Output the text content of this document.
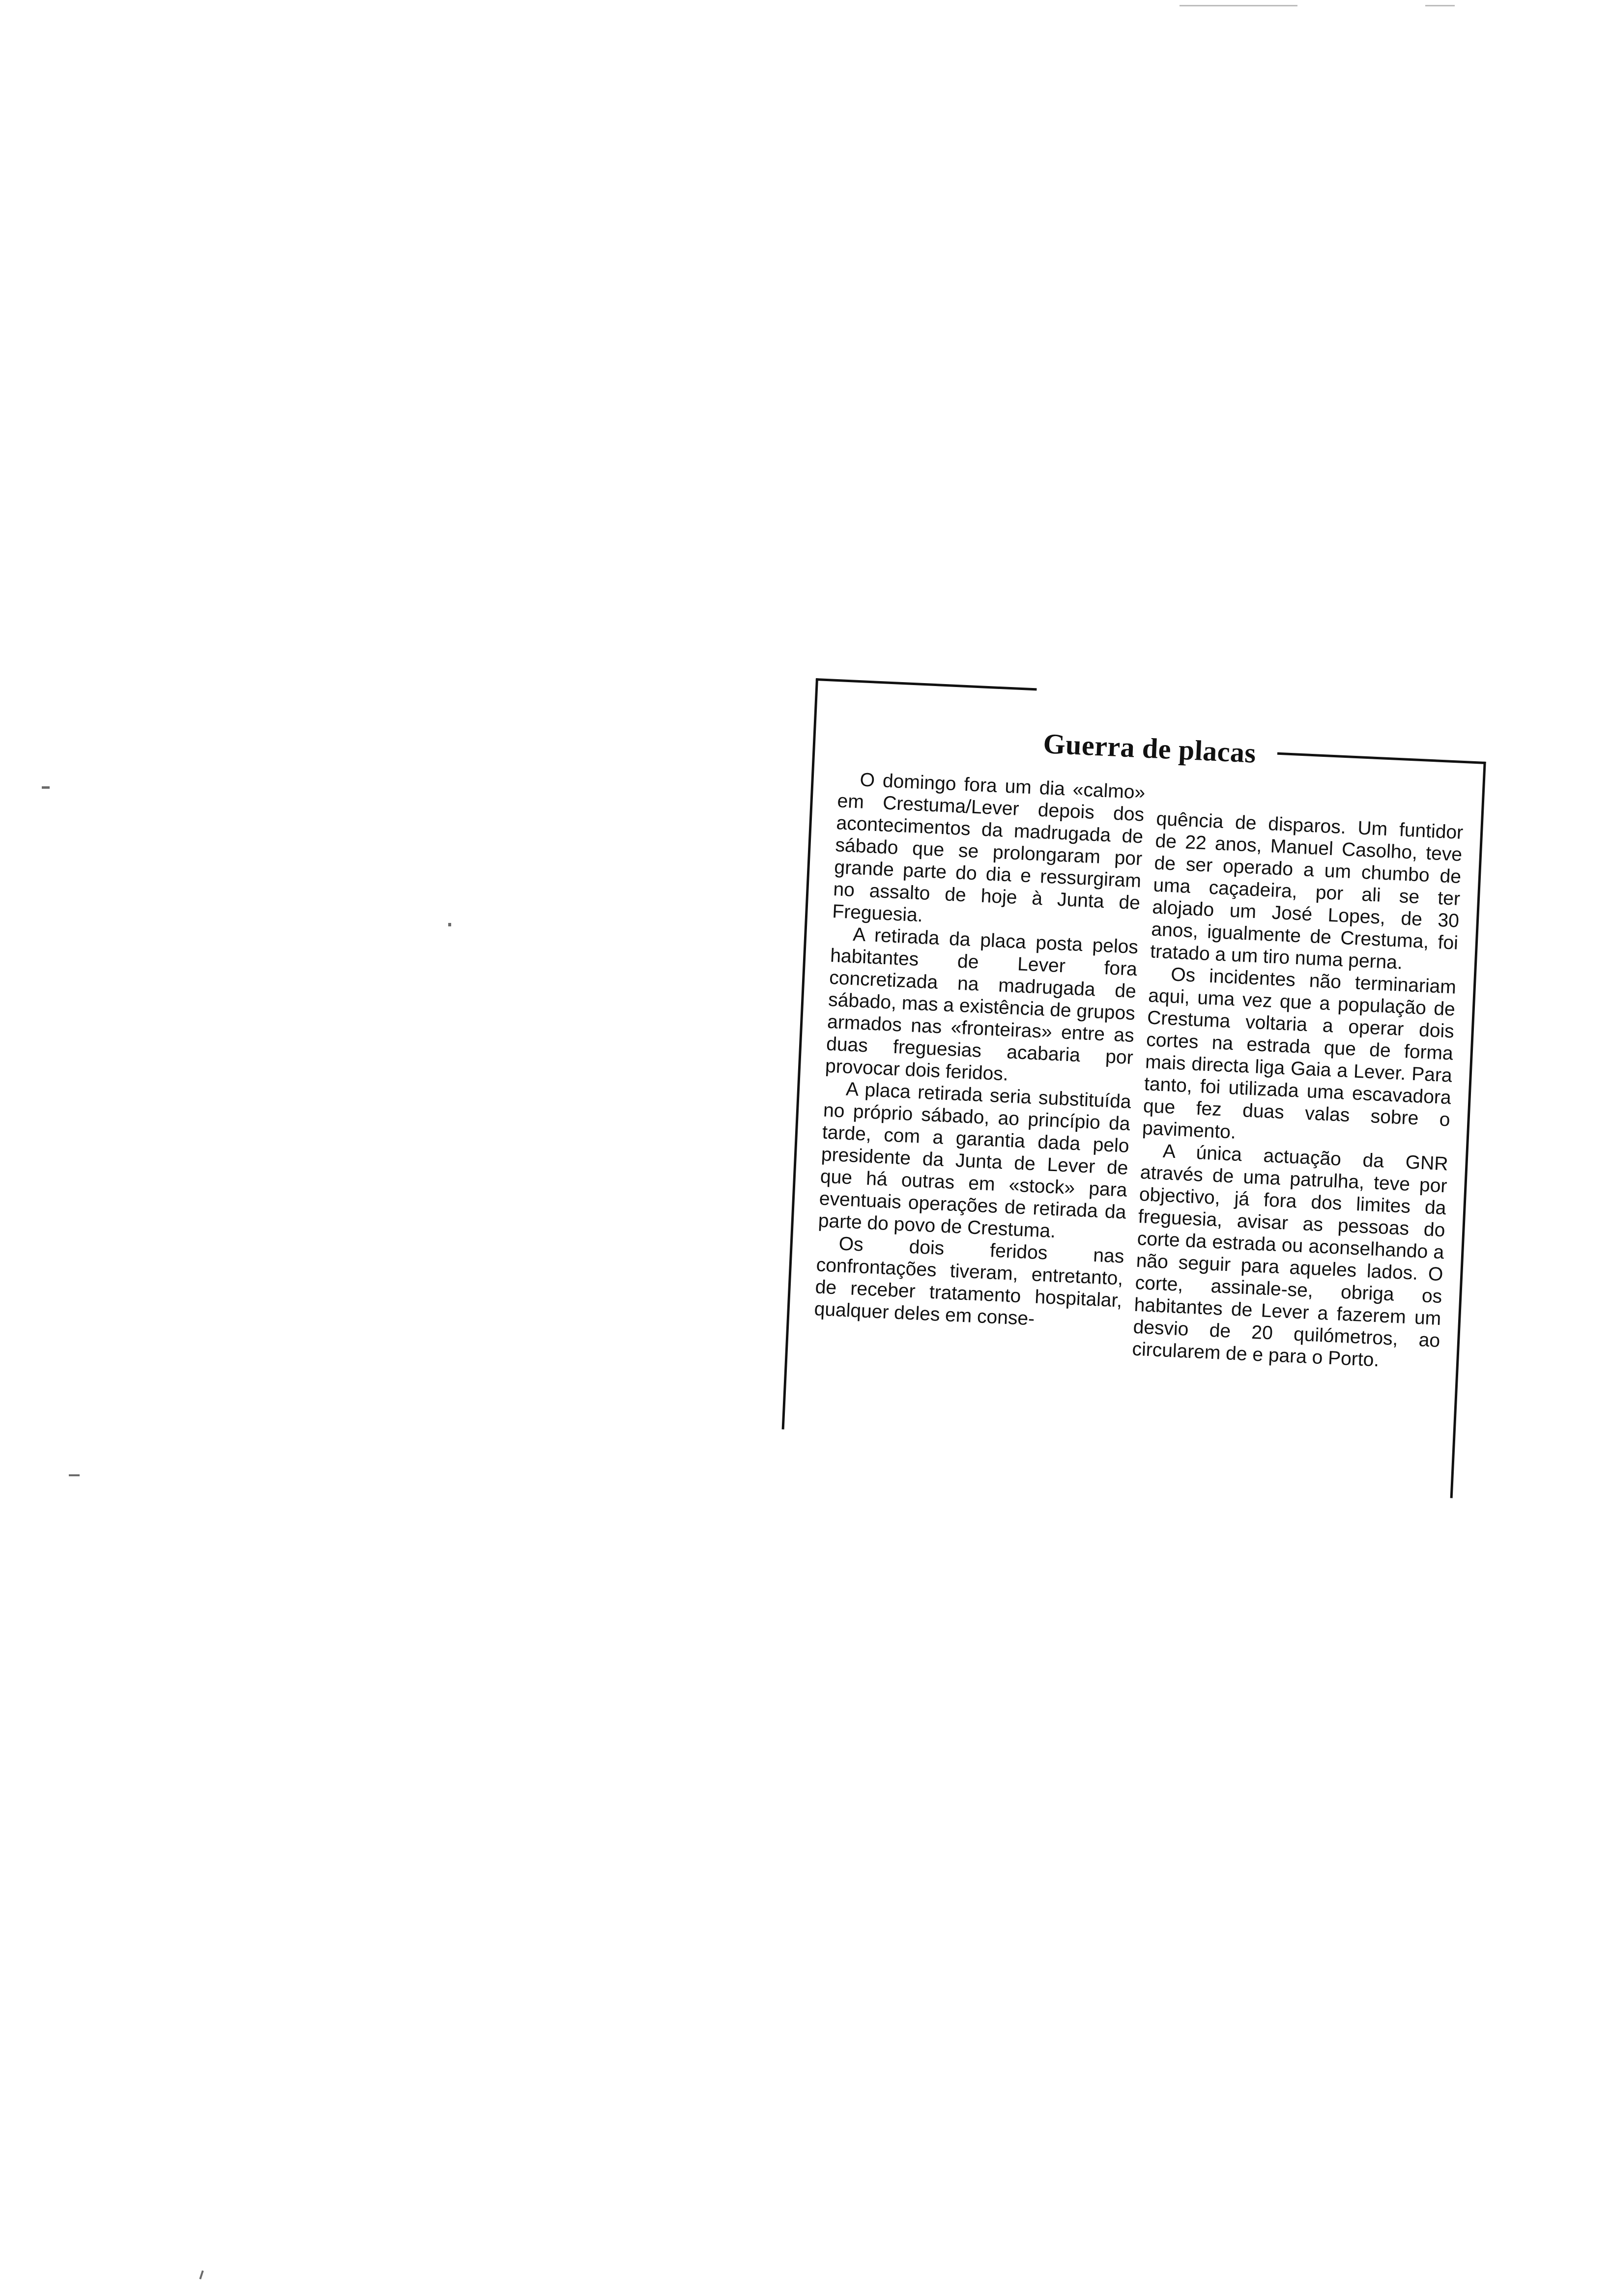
Guerra de placas

O domingo fora um dia «calmo» em Crestuma/Lever depois dos acontecimentos da madrugada de sábado que se prolongaram por grande parte do dia e ressurgiram no assalto de hoje à Junta de Freguesia.

A retirada da placa posta pelos habitantes de Lever fora concretizada na madrugada de sábado, mas a existência de grupos armados nas «fronteiras» entre as duas freguesias acabaria por provocar dois feridos.

A placa retirada seria substituída no próprio sábado, ao princípio da tarde, com a garantia dada pelo presidente da Junta de Lever de que há outras em «stock» para eventuais operações de retirada da parte do povo de Crestuma.

Os dois feridos nas confrontações tiveram, entretanto, de receber tratamento hospitalar, qualquer deles em conse-

quência de disparos. Um funtidor de 22 anos, Manuel Casolho, teve de ser operado a um chumbo de uma caçadeira, por ali se ter alojado um José Lopes, de 30 anos, igualmente de Crestuma, foi tratado a um tiro numa perna.

Os incidentes não terminariam aqui, uma vez que a população de Crestuma voltaria a operar dois cortes na estrada que de forma mais directa liga Gaia a Lever. Para tanto, foi utilizada uma escavadora que fez duas valas sobre o pavimento.

A única actuação da GNR através de uma patrulha, teve por objectivo, já fora dos limites da freguesia, avisar as pessoas do corte da estrada ou aconselhando a não seguir para aqueles lados. O corte, assinale-se, obriga os habitantes de Lever a fazerem um desvio de 20 quilómetros, ao circularem de e para o Porto.
